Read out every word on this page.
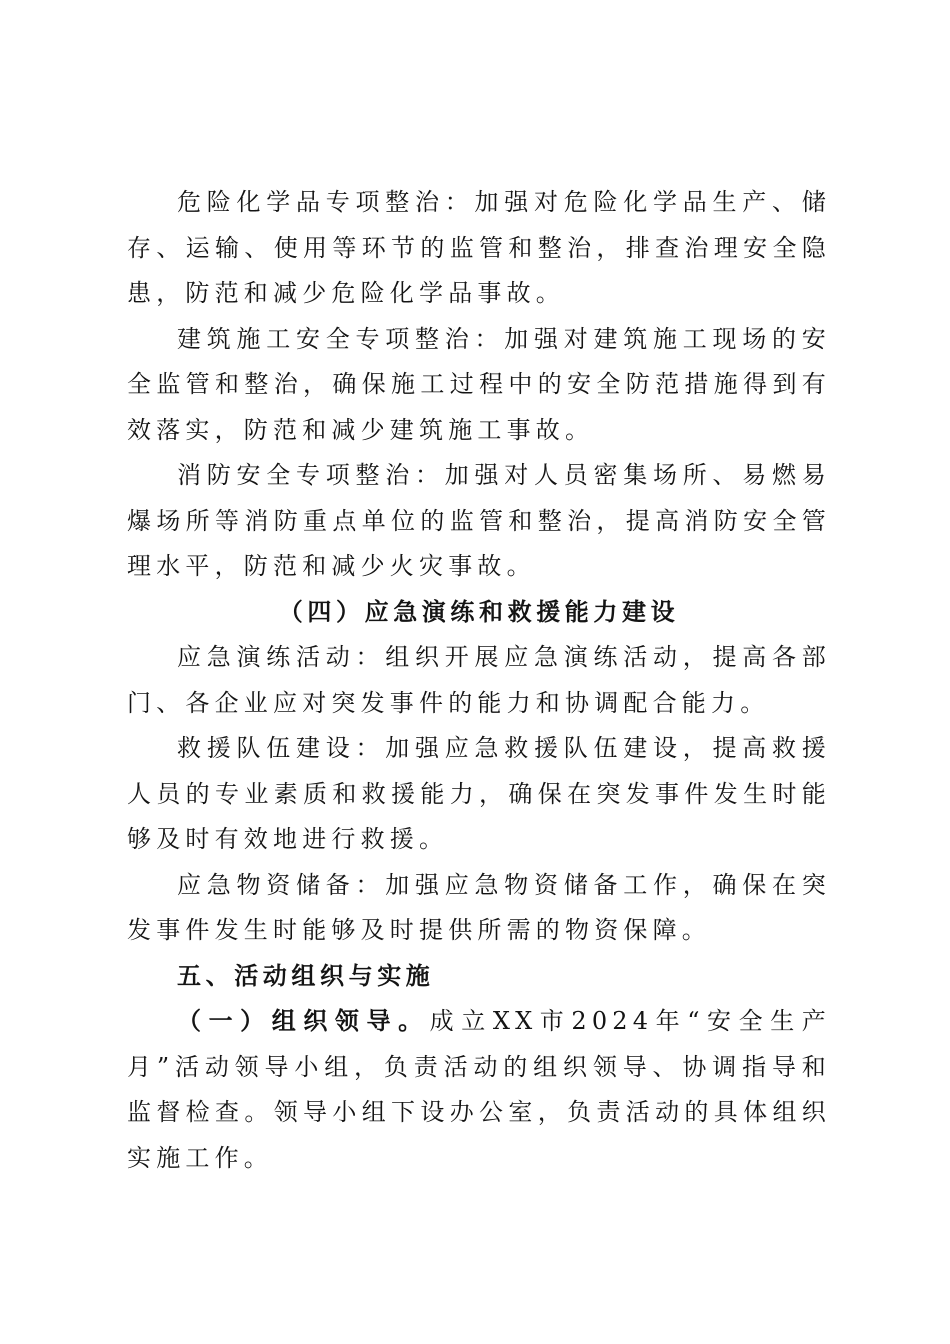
危险化学品专项整治：加强对危险化学品生产、储存、运输、使用等环节的监管和整治，排查治理安全隐患，防范和减少危险化学品事故。

建筑施工安全专项整治：加强对建筑施工现场的安全监管和整治，确保施工过程中的安全防范措施得到有效落实，防范和减少建筑施工事故。

消防安全专项整治：加强对人员密集场所、易燃易爆场所等消防重点单位的监管和整治，提高消防安全管理水平，防范和减少火灾事故。

（四）应急演练和救援能力建设

应急演练活动：组织开展应急演练活动，提高各部门、各企业应对突发事件的能力和协调配合能力。

救援队伍建设：加强应急救援队伍建设，提高救援人员的专业素质和救援能力，确保在突发事件发生时能够及时有效地进行救援。

应急物资储备：加强应急物资储备工作，确保在突发事件发生时能够及时提供所需的物资保障。

五、活动组织与实施

（一）组织领导。成立XX市2024年“安全生产月”活动领导小组，负责活动的组织领导、协调指导和监督检查。领导小组下设办公室，负责活动的具体组织实施工作。
